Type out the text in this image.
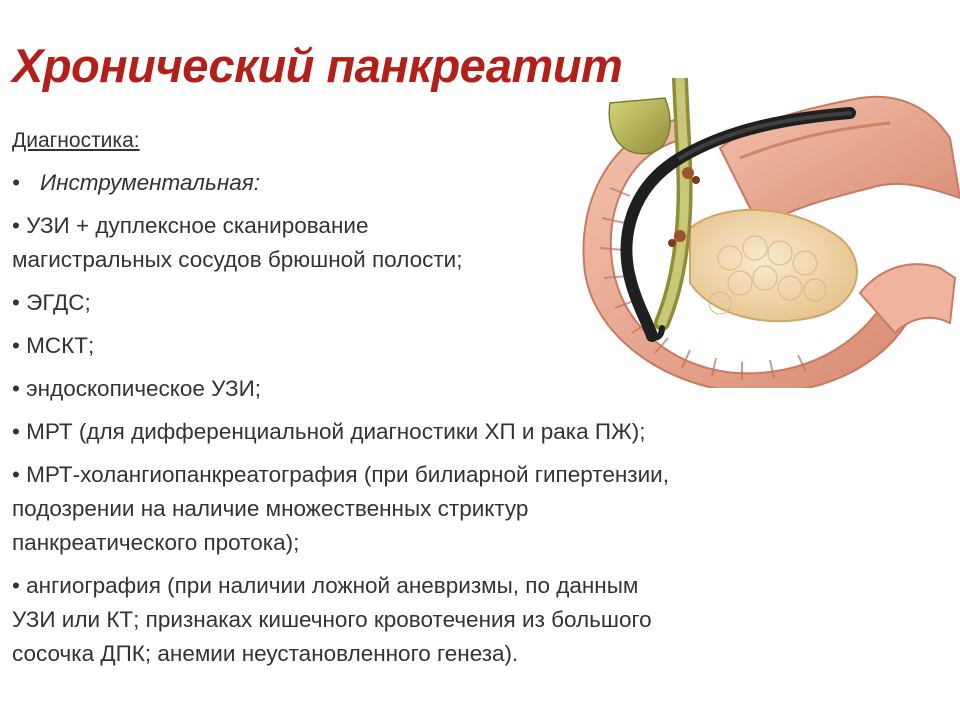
Хронический панкреатит
Диагностика:
• Инструментальная:
• УЗИ + дуплексное сканирование
магистральных сосудов брюшной полости;
• ЭГДС;
• МСКТ;
• эндоскопическое УЗИ;
• МРТ (для дифференциальной диагностики ХП и рака ПЖ);
• МРТ-холангиопанкреатография (при билиарной гипертензии,
подозрении на наличие множественных стриктур
панкреатического протока);
• ангиография (при наличии ложной аневризмы, по данным
УЗИ или КТ; признаках кишечного кровотечения из большого
сосочка ДПК; анемии неустановленного генеза).
